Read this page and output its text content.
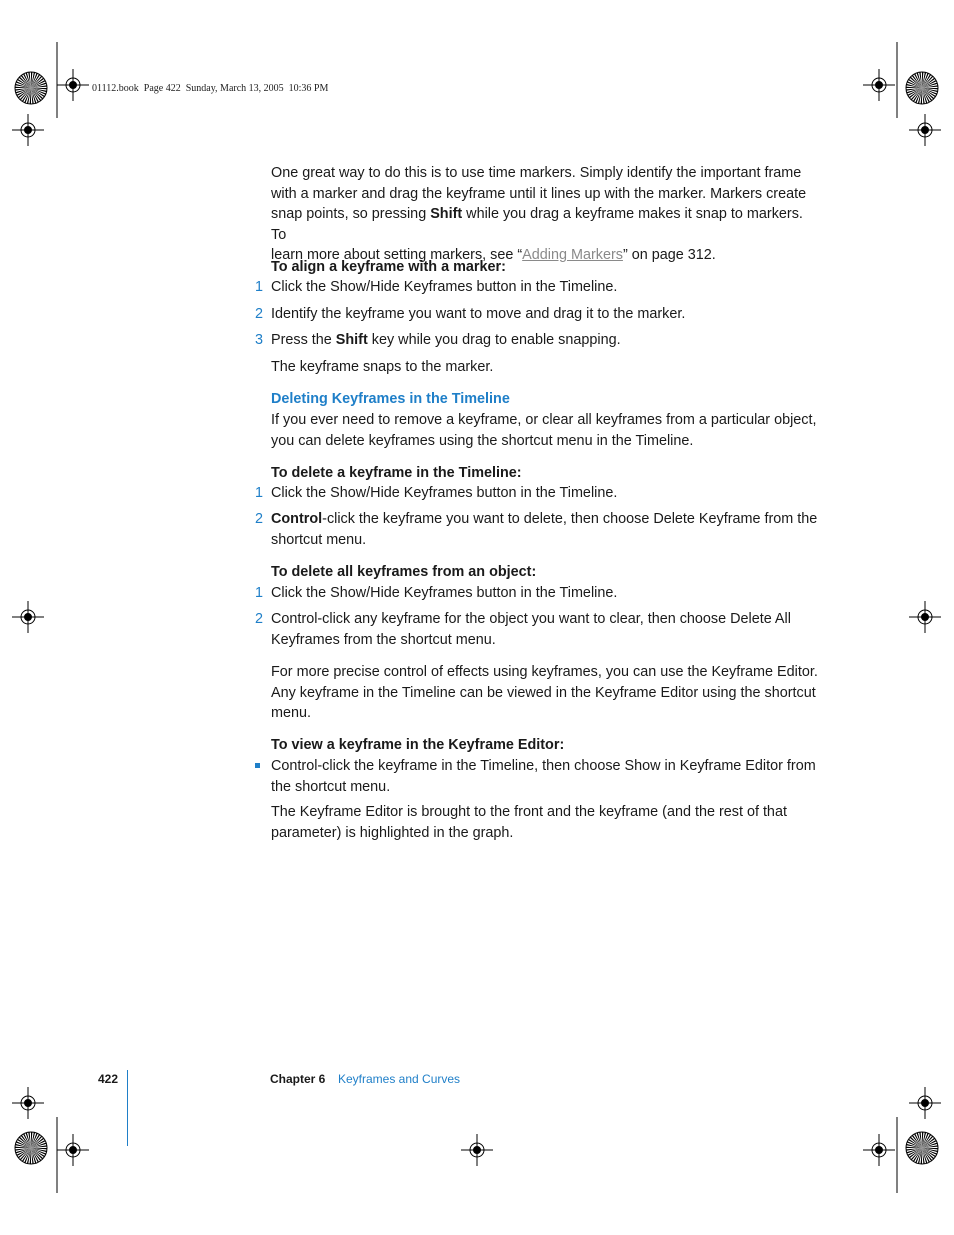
01112.book  Page 422  Sunday, March 13, 2005  10:36 PM
One great way to do this is to use time markers. Simply identify the important frame
with a marker and drag the keyframe until it lines up with the marker. Markers create
snap points, so pressing Shift while you drag a keyframe makes it snap to markers. To
learn more about setting markers, see “Adding Markers” on page 312.
To align a keyframe with a marker:
1 Click the Show/Hide Keyframes button in the Timeline.
2 Identify the keyframe you want to move and drag it to the marker.
3 Press the Shift key while you drag to enable snapping.
The keyframe snaps to the marker.
Deleting Keyframes in the Timeline
If you ever need to remove a keyframe, or clear all keyframes from a particular object,
you can delete keyframes using the shortcut menu in the Timeline.
To delete a keyframe in the Timeline:
1 Click the Show/Hide Keyframes button in the Timeline.
2 Control-click the keyframe you want to delete, then choose Delete Keyframe from the
shortcut menu.
To delete all keyframes from an object:
1 Click the Show/Hide Keyframes button in the Timeline.
2 Control-click any keyframe for the object you want to clear, then choose Delete All
Keyframes from the shortcut menu.
For more precise control of effects using keyframes, you can use the Keyframe Editor.
Any keyframe in the Timeline can be viewed in the Keyframe Editor using the shortcut
menu.
To view a keyframe in the Keyframe Editor:
Control-click the keyframe in the Timeline, then choose Show in Keyframe Editor from
the shortcut menu.
The Keyframe Editor is brought to the front and the keyframe (and the rest of that
parameter) is highlighted in the graph.
422	Chapter 6 Keyframes and Curves
